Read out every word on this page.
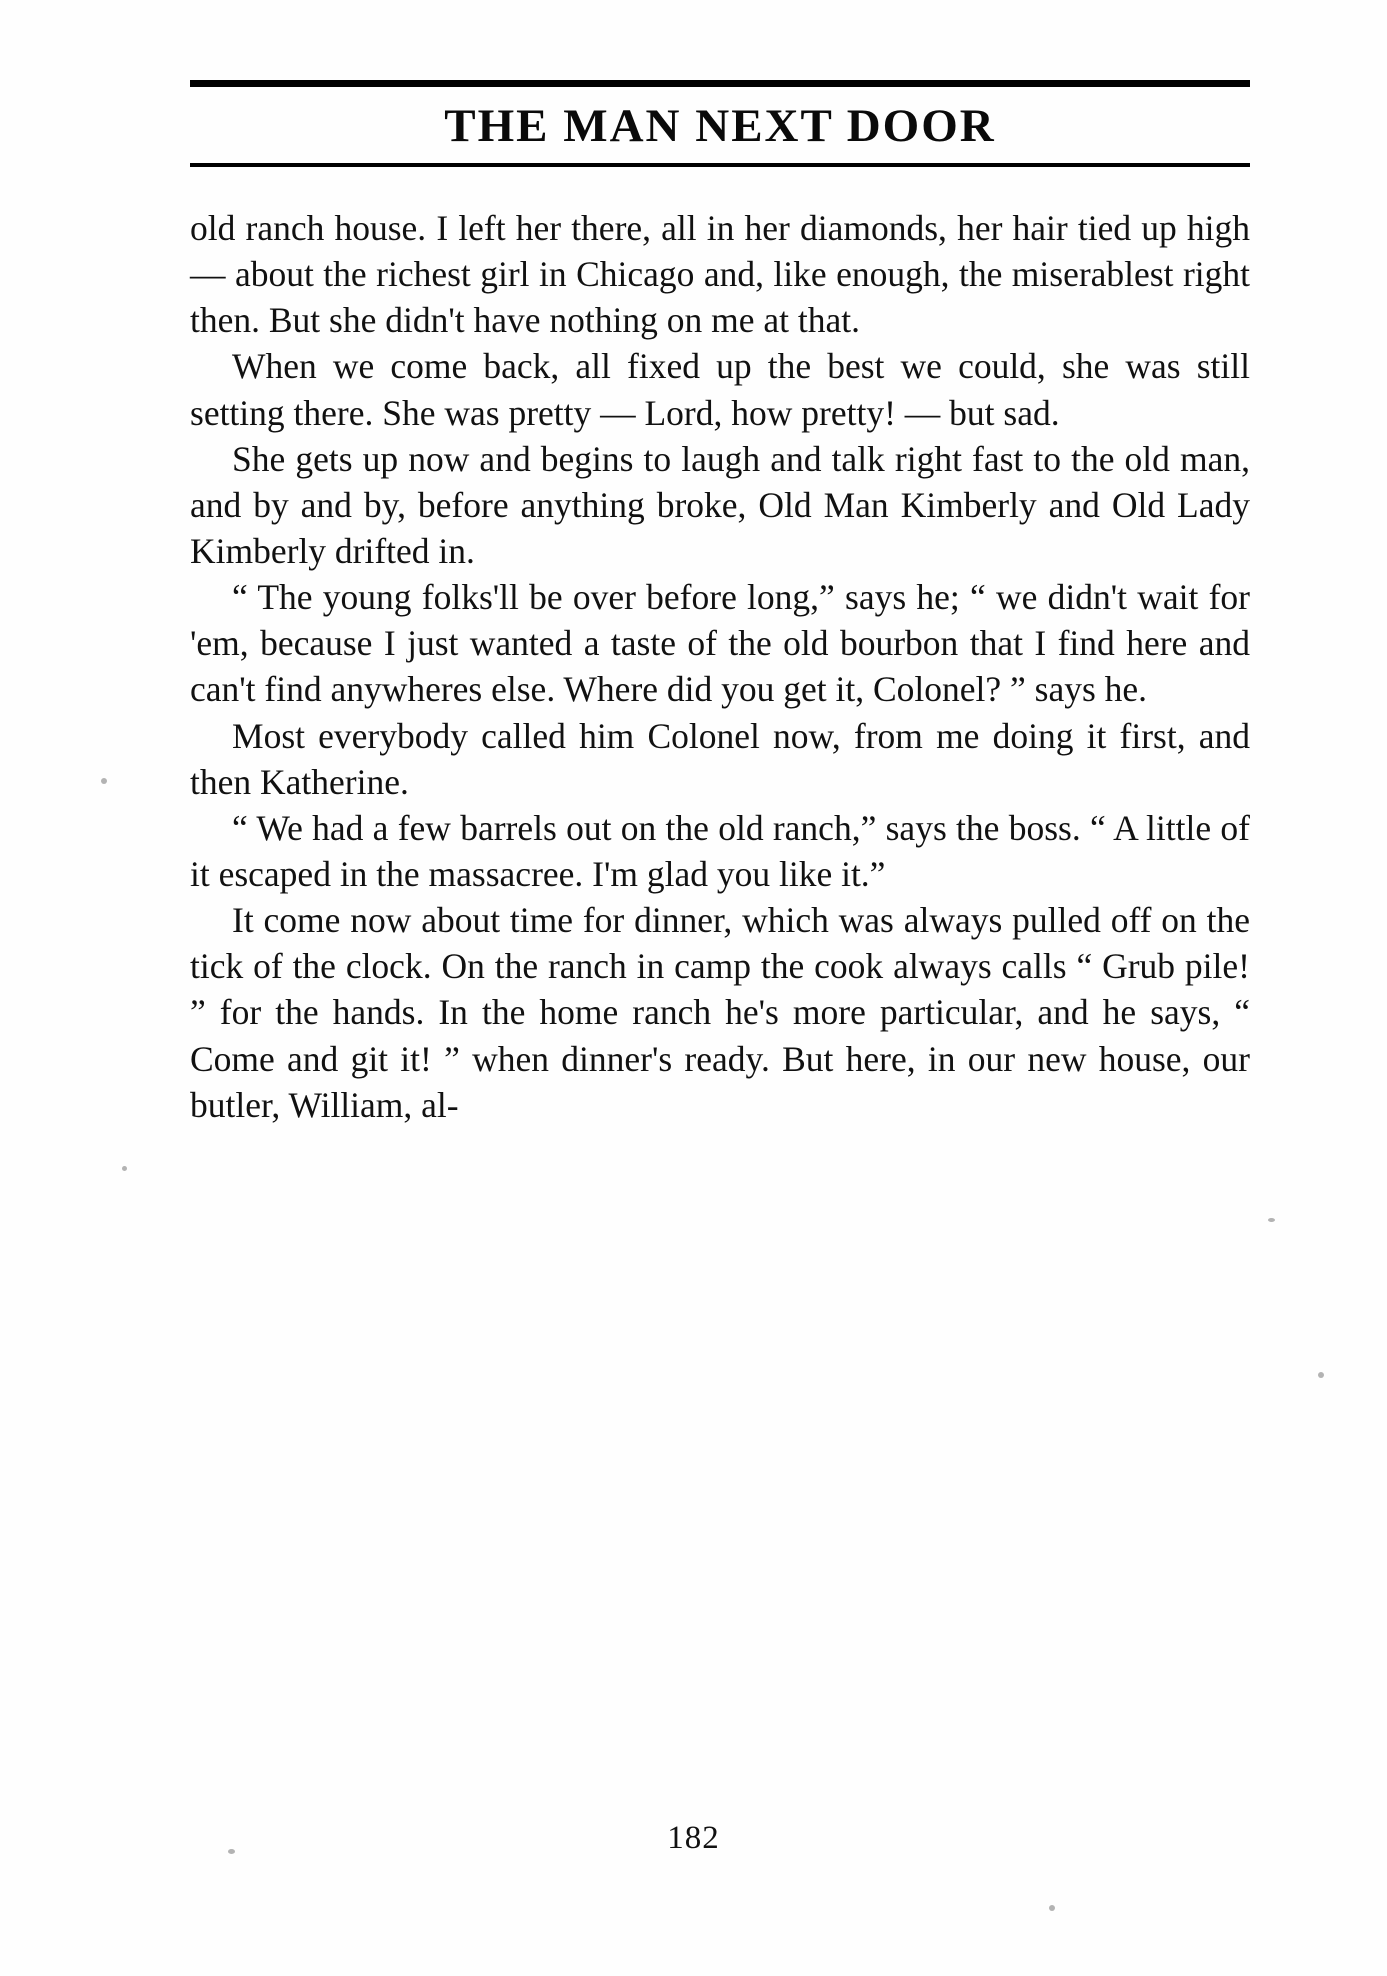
THE MAN NEXT DOOR

old ranch house. I left her there, all in her diamonds, her hair tied up high — about the richest girl in Chicago and, like enough, the miserablest right then. But she didn't have nothing on me at that.

When we come back, all fixed up the best we could, she was still setting there. She was pretty — Lord, how pretty! — but sad.

She gets up now and begins to laugh and talk right fast to the old man, and by and by, before anything broke, Old Man Kimberly and Old Lady Kimberly drifted in.

“ The young folks'll be over before long,” says he; “ we didn't wait for 'em, because I just wanted a taste of the old bourbon that I find here and can't find anywheres else. Where did you get it, Colonel? ” says he.

Most everybody called him Colonel now, from me doing it first, and then Katherine.

“ We had a few barrels out on the old ranch,” says the boss. “ A little of it escaped in the massacree. I'm glad you like it.”

It come now about time for dinner, which was always pulled off on the tick of the clock. On the ranch in camp the cook always calls “ Grub pile! ” for the hands. In the home ranch he's more particular, and he says, “ Come and git it! ” when dinner's ready. But here, in our new house, our butler, William, al-

182
